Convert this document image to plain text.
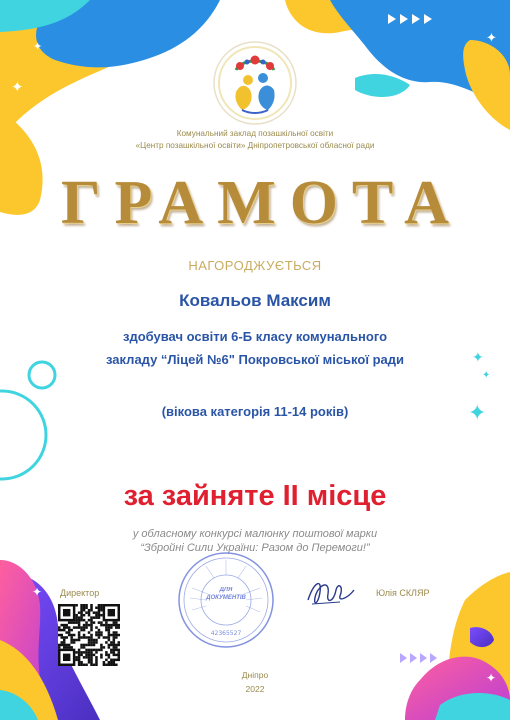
✦
✦
✦
✦
✦
✦
✦
✦
Комунальний заклад позашкільної освіти
«Центр позашкільної освіти» Дніпропетровської обласної ради
ГРАМОТА
НАГОРОДЖУЄТЬСЯ
Ковальов Максим
здобувач освіти 6-Б класу комунального
закладу “Ліцей №6" Покровської міської ради
(вікова категорія 11-14 років)
за зайняте ІІ місце
у обласному конкурсі малюнку поштової марки
“Збройні Сили України: Разом до Перемоги!”
Директор
42365527
ДЛЯ ДОКУМЕНТІВ	Юлія СКЛЯР
Дніпро
2022
